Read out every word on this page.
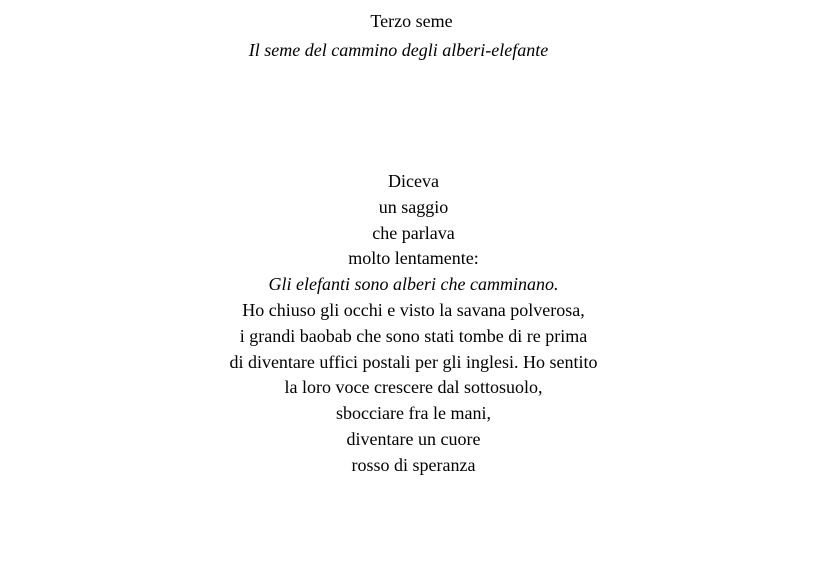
Terzo seme
Il seme del cammino degli alberi-elefante
Diceva
un saggio
che parlava
molto lentamente:
Gli elefanti sono alberi che camminano.
Ho chiuso gli occhi e visto la savana polverosa,
i grandi baobab che sono stati tombe di re prima
di diventare uffici postali per gli inglesi. Ho sentito
la loro voce crescere dal sottosuolo,
sbocciare fra le mani,
diventare un cuore
rosso di speranza
